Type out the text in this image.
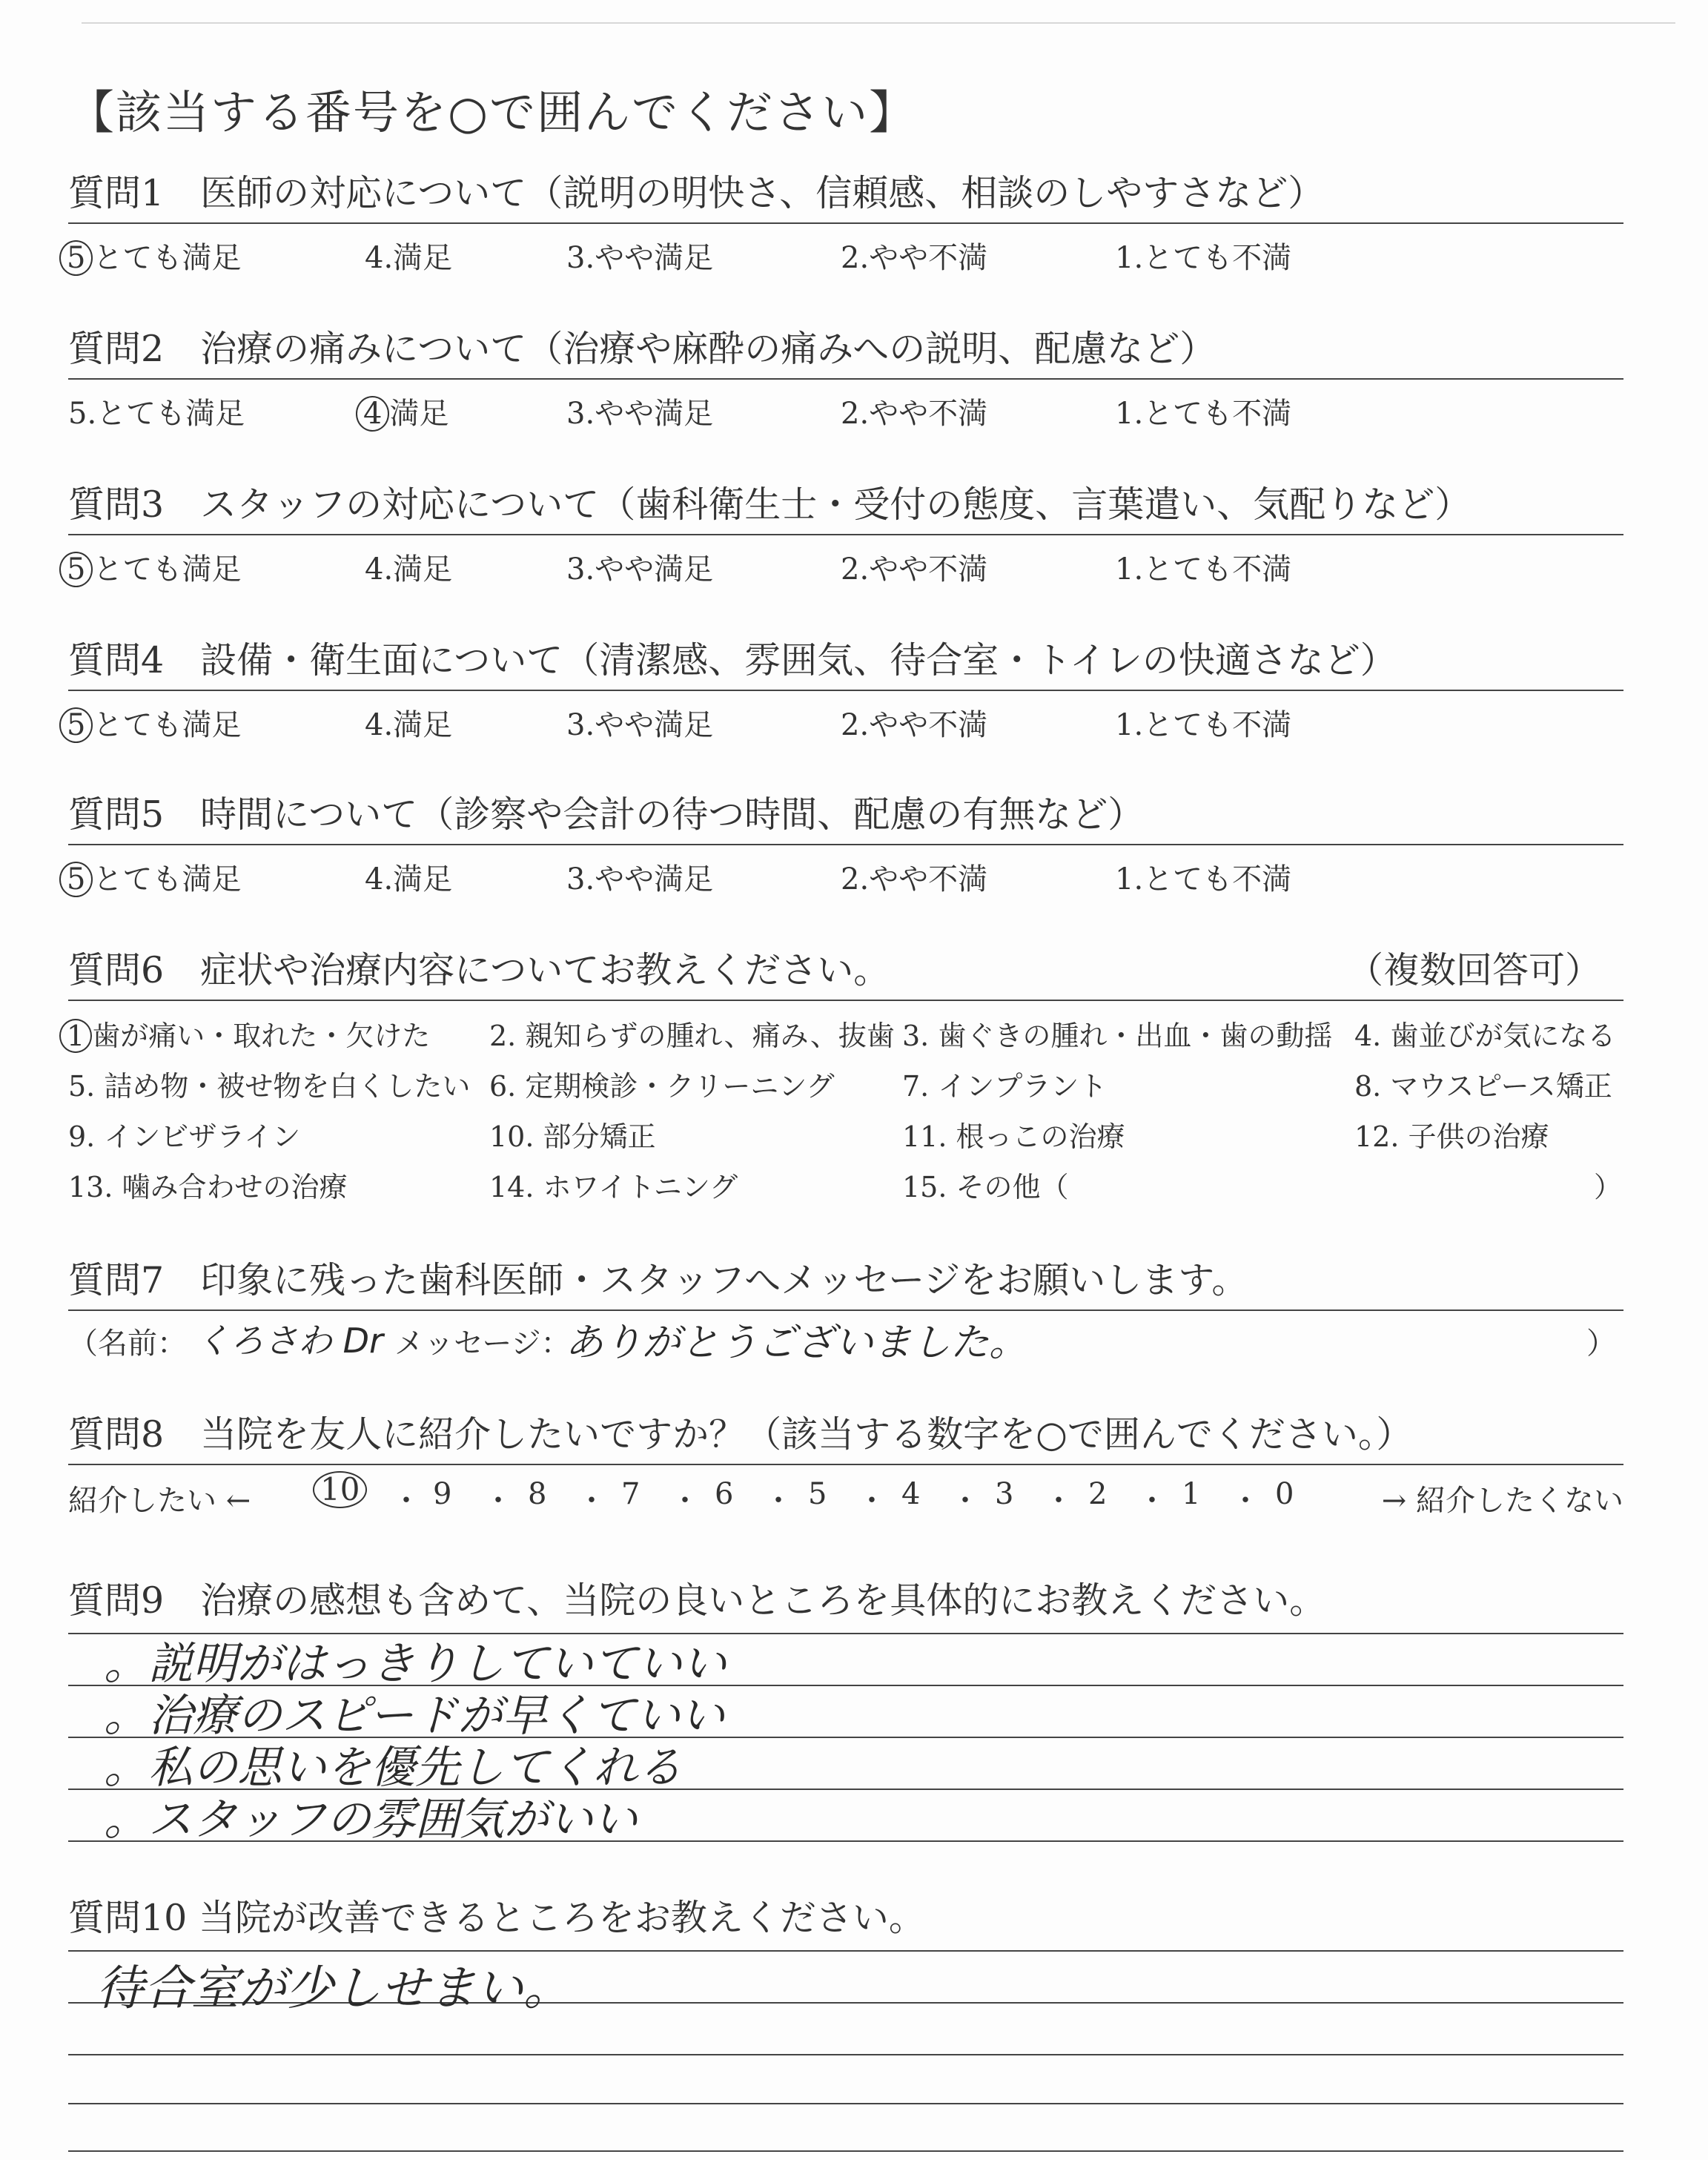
【該当する番号を○で囲んでください】
質問1　医師の対応について（説明の明快さ、信頼感、相談のしやすさなど）
5 とても満足	4.満足	3.やや満足	2.やや不満	1.とても不満
質問2　治療の痛みについて（治療や麻酔の痛みへの説明、配慮など）
5.とても満足	4 満足	3.やや満足	2.やや不満	1.とても不満
質問3　スタッフの対応について（歯科衛生士・受付の態度、言葉遣い、気配りなど）
5 とても満足	4.満足	3.やや満足	2.やや不満	1.とても不満
質問4　設備・衛生面について（清潔感、雰囲気、待合室・トイレの快適さなど）
5 とても満足	4.満足	3.やや満足	2.やや不満	1.とても不満
質問5　時間について（診察や会計の待つ時間、配慮の有無など）
5 とても満足	4.満足	3.やや満足	2.やや不満	1.とても不満
質問6　症状や治療内容についてお教えください。	（複数回答可）
1 歯が痛い・取れた・欠けた 2. 親知らずの腫れ、痛み、抜歯 3. 歯ぐきの腫れ・出血・歯の動揺 4. 歯並びが気になる
5. 詰め物・被せ物を白くしたい 6. 定期検診・クリーニング 7. インプラント	8. マウスピース矯正
9. インビザライン	10. 部分矯正	11. 根っこの治療	12. 子供の治療
13. 噛み合わせの治療	14. ホワイトニング	15. その他（	）
質問7　印象に残った歯科医師・スタッフへメッセージをお願いします。
（名前： くろさわ Dr メッセージ：
ありがとうございました。	）
質問8　当院を友人に紹介したいですか？（該当する数字を○で囲んでください。）
紹介したい ← 10 ・ 9 ・ 8 ・ 7 ・ 6 ・ 5 ・ 4 ・ 3 ・ 2 ・ 1 ・ 0	→ 紹介したくない
質問9　治療の感想も含めて、当院の良いところを具体的にお教えください。
。説明がはっきりしていていい
。治療のスピードが早くていい
。私の思いを優先してくれる
。スタッフの雰囲気がいい
質問10 当院が改善できるところをお教えください。
待合室が少しせまい。
